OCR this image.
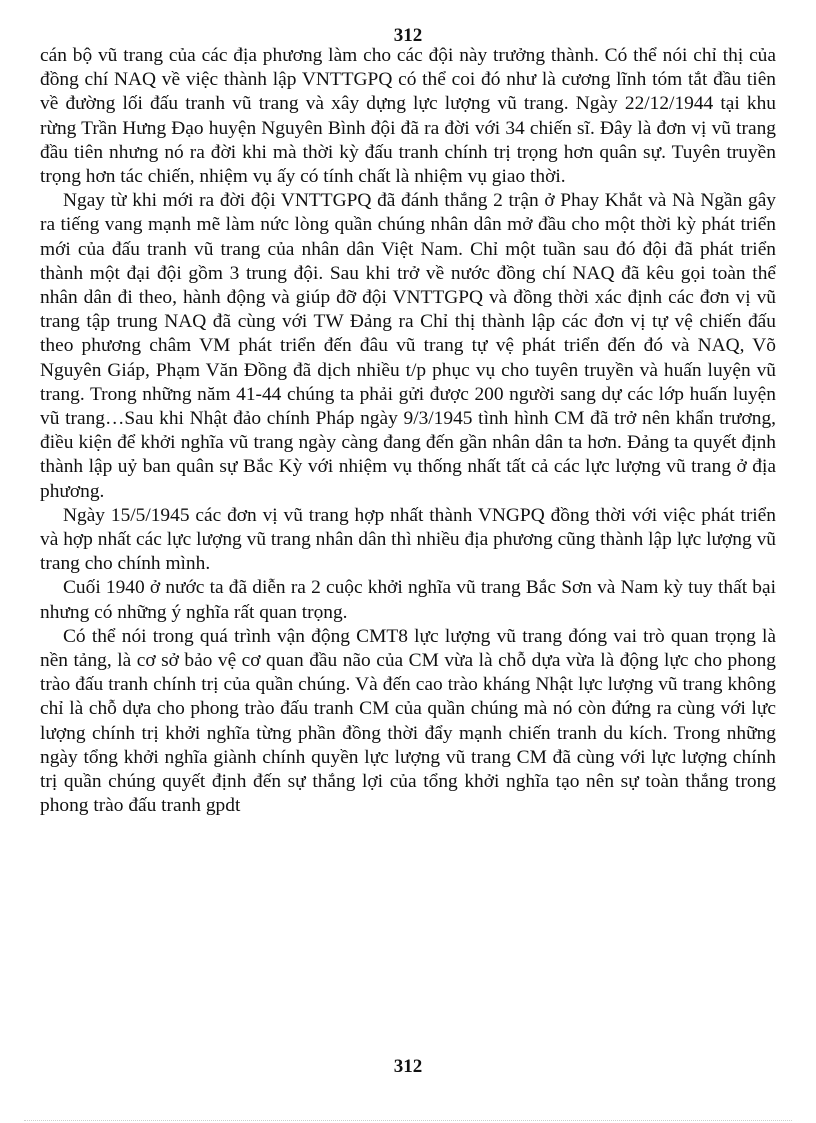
312

cán bộ vũ trang của các địa phương làm cho các đội này trưởng thành. Có thể nói chỉ thị của đồng chí NAQ về việc thành lập VNTTGPQ có thể coi đó như là cương lĩnh tóm tắt đầu tiên về đường lối đấu tranh vũ trang và xây dựng lực lượng vũ trang. Ngày 22/12/1944 tại khu rừng Trần Hưng Đạo huyện Nguyên Bình đội đã ra đời với 34 chiến sĩ. Đây là đơn vị vũ trang đầu tiên nhưng nó ra đời khi mà thời kỳ đấu tranh chính trị trọng hơn quân sự. Tuyên truyền trọng hơn tác chiến, nhiệm vụ ấy có tính chất là nhiệm vụ giao thời.

Ngay từ khi mới ra đời đội VNTTGPQ đã đánh thắng 2 trận ở Phay Khắt và Nà Ngần gây ra tiếng vang mạnh mẽ làm nức lòng quần chúng nhân dân mở đầu cho một thời kỳ phát triển mới của đấu tranh vũ trang của nhân dân Việt Nam. Chỉ một tuần sau đó đội đã phát triển thành một đại đội gồm 3 trung đội. Sau khi trở về nước đồng chí NAQ đã kêu gọi toàn thể nhân dân đi theo, hành động và giúp đỡ đội VNTTGPQ và đồng thời xác định các đơn vị vũ trang tập trung NAQ đã cùng với TW Đảng ra Chỉ thị thành lập các đơn vị tự vệ chiến đấu theo phương châm VM phát triển đến đâu vũ trang tự vệ phát triển đến đó và NAQ, Võ Nguyên Giáp, Phạm Văn Đồng đã dịch nhiều t/p phục vụ cho tuyên truyền và huấn luyện vũ trang. Trong những năm 41-44 chúng ta phải gửi được 200 người sang dự các lớp huấn luyện vũ trang…Sau khi Nhật đảo chính Pháp ngày 9/3/1945 tình hình CM đã trở nên khẩn trương, điều kiện để khởi nghĩa vũ trang ngày càng đang đến gần nhân dân ta hơn. Đảng ta quyết định thành lập uỷ ban quân sự Bắc Kỳ với nhiệm vụ thống nhất tất cả các lực lượng vũ trang ở địa phương.

Ngày 15/5/1945 các đơn vị vũ trang hợp nhất thành VNGPQ đồng thời với việc phát triển và hợp nhất các lực lượng vũ trang nhân dân thì nhiều địa phương cũng thành lập lực lượng vũ trang cho chính mình.

Cuối 1940 ở nước ta đã diễn ra 2 cuộc khởi nghĩa vũ trang Bắc Sơn và Nam kỳ tuy thất bại nhưng có những ý nghĩa rất quan trọng.

Có thể nói trong quá trình vận động CMT8 lực lượng vũ trang đóng vai trò quan trọng là nền tảng, là cơ sở bảo vệ cơ quan đầu não của CM vừa là chỗ dựa vừa là động lực cho phong trào đấu tranh chính trị của quần chúng. Và đến cao trào kháng Nhật lực lượng vũ trang không chỉ là chỗ dựa cho phong trào đấu tranh CM của quần chúng mà nó còn đứng ra cùng với lực lượng chính trị khởi nghĩa từng phần đồng thời đẩy mạnh chiến tranh du kích. Trong những ngày tổng khởi nghĩa giành chính quyền lực lượng vũ trang CM đã cùng với lực lượng chính trị quần chúng quyết định đến sự thắng lợi của tổng khởi nghĩa tạo nên sự toàn thắng trong phong trào đấu tranh gpdt

312
